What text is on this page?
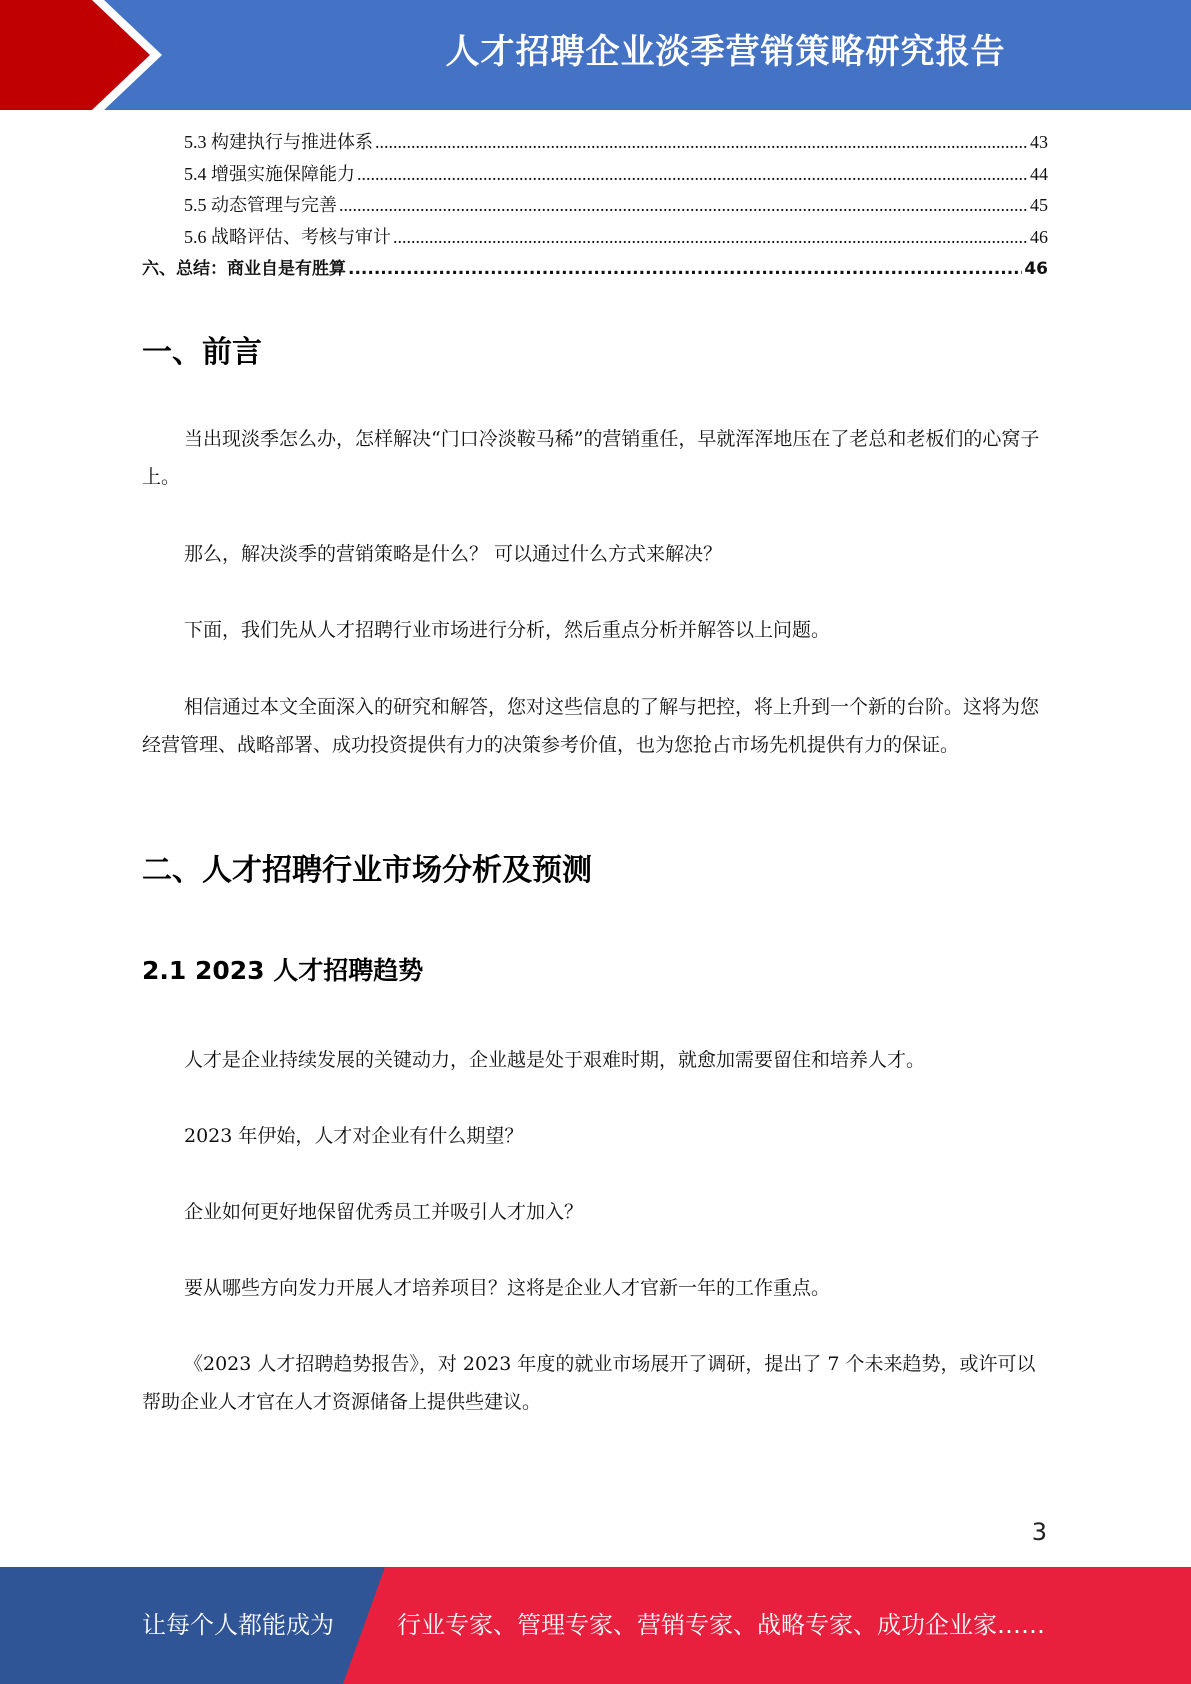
人才招聘企业淡季营销策略研究报告
5.3 构建执行与推进体系 .....	43
5.4 增强实施保障能力 .....	44
5.5 动态管理与完善 .....	45
5.6 战略评估、考核与审计 .....	46
六、总结：商业自是有胜算 .....	46
一、前言
当出现淡季怎么办，怎样解决“门口冷淡鞍马稀”的营销重任，早就浑浑地压在了老总和老板们的心窝子上。
那么，解决淡季的营销策略是什么？ 可以通过什么方式来解决？
下面，我们先从人才招聘行业市场进行分析，然后重点分析并解答以上问题。
相信通过本文全面深入的研究和解答，您对这些信息的了解与把控，将上升到一个新的台阶。这将为您经营管理、战略部署、成功投资提供有力的决策参考价值，也为您抢占市场先机提供有力的保证。
二、人才招聘行业市场分析及预测
2.1 2023 人才招聘趋势
人才是企业持续发展的关键动力，企业越是处于艰难时期，就愈加需要留住和培养人才。
2023 年伊始，人才对企业有什么期望？
企业如何更好地保留优秀员工并吸引人才加入？
要从哪些方向发力开展人才培养项目？这将是企业人才官新一年的工作重点。
《2023 人才招聘趋势报告》，对 2023 年度的就业市场展开了调研，提出了 7 个未来趋势，或许可以帮助企业人才官在人才资源储备上提供些建议。
3
让每个人都能成为	行业专家、管理专家、营销专家、战略专家、成功企业家……
